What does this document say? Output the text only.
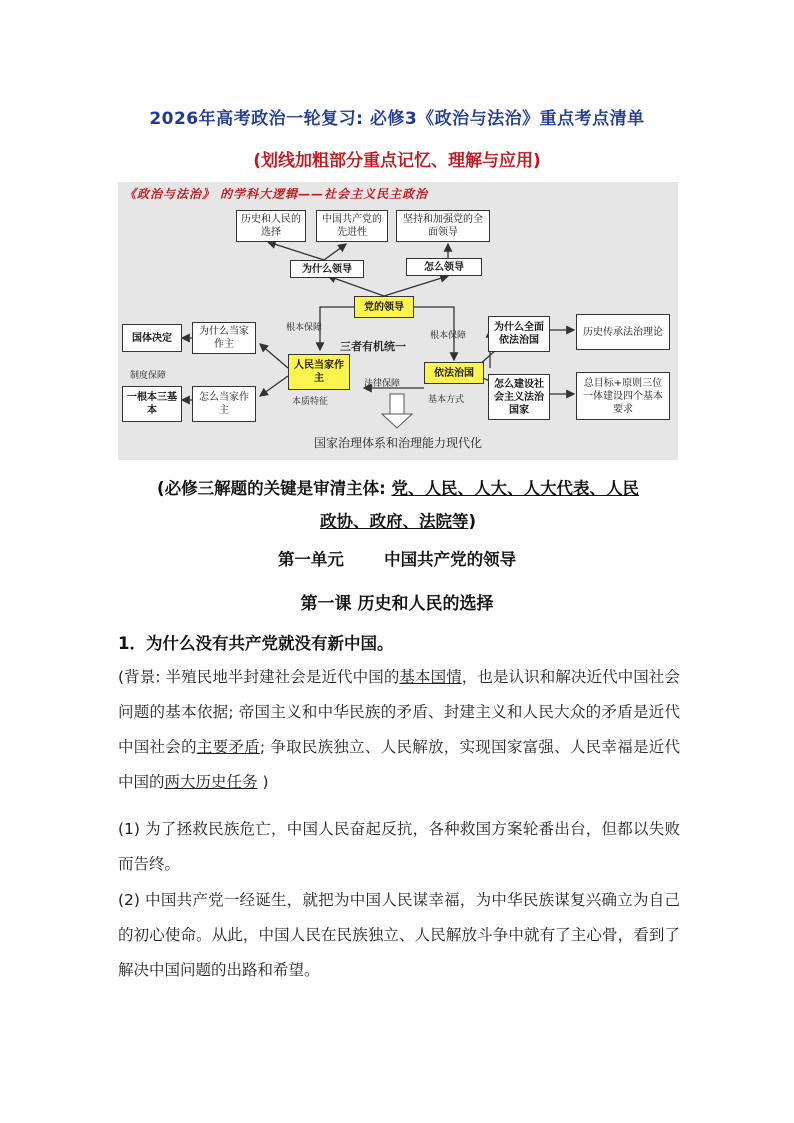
2026年高考政治一轮复习: 必修3《政治与法治》重点考点清单
(划线加粗部分重点记忆、理解与应用)
《政治与法治》 的学科大逻辑——社会主义民主政治
历史和人民的选择
中国共产党的先进性
坚持和加强党的全面领导
为什么领导	怎么领导
党的领导
国体决定
为什么当家作主
人民当家作主	依法治国
为什么全面依法治国
历史传承法治理论
一根本三基本
怎么当家作主
怎么建设社会主义法治国家
总目标+原则三位一体建设四个基本要求
根本保障
根本保障
三者有机统一
制度保障
法律保障
本质特征	基本方式
国家治理体系和治理能力现代化
(必修三解题的关键是审清主体: 党、人民、人大、人大代表、人民
政协、政府、法院等)
第一单元 中国共产党的领导
第一课 历史和人民的选择
1．为什么没有共产党就没有新中国。
(背景: 半殖民地半封建社会是近代中国的基本国情，也是认识和解决近代中国社会问题的基本依据; 帝国主义和中华民族的矛盾、封建主义和人民大众的矛盾是近代中国社会的主要矛盾; 争取民族独立、人民解放，实现国家富强、人民幸福是近代中国的两大历史任务 )
(1) 为了拯救民族危亡，中国人民奋起反抗，各种救国方案轮番出台，但都以失败而告终。
(2) 中国共产党一经诞生，就把为中国人民谋幸福，为中华民族谋复兴确立为自己的初心使命。从此，中国人民在民族独立、人民解放斗争中就有了主心骨，看到了解决中国问题的出路和希望。
